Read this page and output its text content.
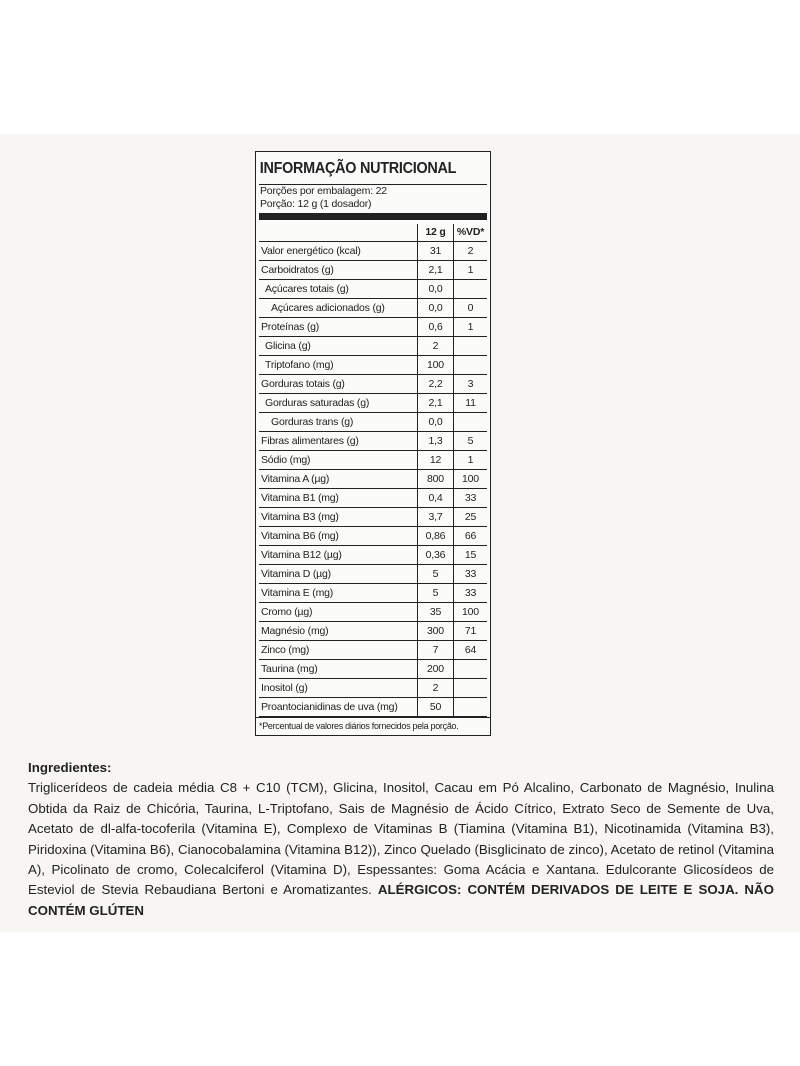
INFORMAÇÃO NUTRICIONAL
Porções por embalagem: 22
Porção: 12 g (1 dosador)
	12 g	%VD*
Valor energético (kcal)	31	2
Carboidratos (g)	2,1	1
Açúcares totais (g)	0,0	
Açúcares adicionados (g)	0,0	0
Proteínas (g)	0,6	1
Glicina (g)	2	
Triptofano (mg)	100	
Gorduras totais (g)	2,2	3
Gorduras saturadas (g)	2,1	11
Gorduras trans (g)	0,0	
Fibras alimentares (g)	1,3	5
Sódio (mg)	12	1
Vitamina A (µg)	800	100
Vitamina B1 (mg)	0,4	33
Vitamina B3 (mg)	3,7	25
Vitamina B6 (mg)	0,86	66
Vitamina B12 (µg)	0,36	15
Vitamina D (µg)	5	33
Vitamina E (mg)	5	33
Cromo (µg)	35	100
Magnésio (mg)	300	71
Zinco (mg)	7	64
Taurina (mg)	200	
Inositol (g)	2	
Proantocianidinas de uva (mg)	50	
*Percentual de valores diários fornecidos pela porção.
Ingredientes:
Triglicerídeos de cadeia média C8 + C10 (TCM), Glicina, Inositol, Cacau em Pó Alcalino, Carbonato de Magnésio, Inulina Obtida da Raiz de Chicória, Taurina, L-Triptofano, Sais de Magnésio de Ácido Cítrico, Extrato Seco de Semente de Uva, Acetato de dl-alfa-tocoferila (Vitamina E), Complexo de Vitaminas B (Tiamina (Vitamina B1), Nicotinamida (Vitamina B3), Piridoxina (Vitamina B6), Cianocobalamina (Vitamina B12)), Zinco Quelado (Bisglicinato de zinco), Acetato de retinol (Vitamina A), Picolinato de cromo, Colecalciferol (Vitamina D), Espessantes: Goma Acácia e Xantana. Edulcorante Glicosídeos de Esteviol de Stevia Rebaudiana Bertoni e Aromatizantes. ALÉRGICOS: CONTÉM DERIVADOS DE LEITE E SOJA. NÃO CONTÉM GLÚTEN
